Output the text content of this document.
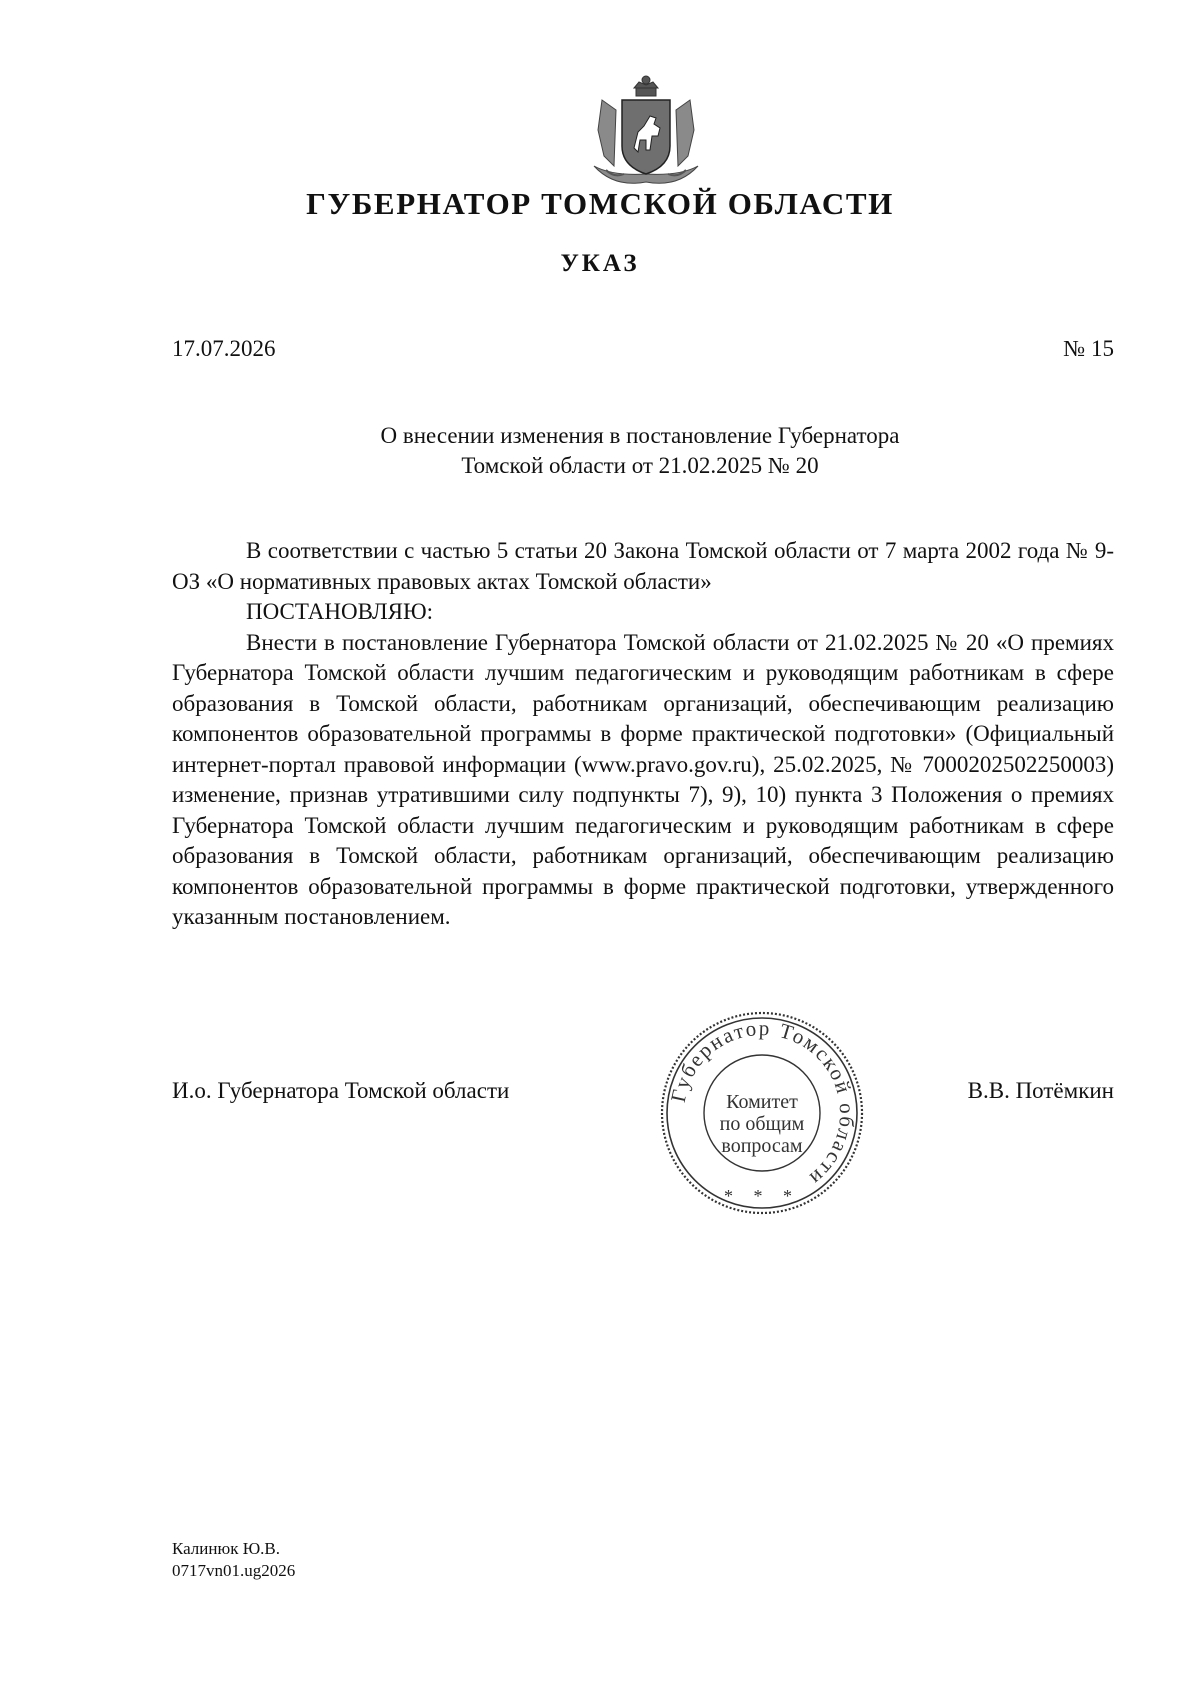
ГУБЕРНАТОР ТОМСКОЙ ОБЛАСТИ
УКАЗ
17.07.2026	№ 15
О внесении изменения в постановление Губернатора
Томской области от 21.02.2025 № 20

В соответствии с частью 5 статьи 20 Закона Томской области от 7 марта 2002 года № 9-ОЗ «О нормативных правовых актах Томской области»

ПОСТАНОВЛЯЮ:

Внести в постановление Губернатора Томской области от 21.02.2025 № 20 «О премиях Губернатора Томской области лучшим педагогическим и руководящим работникам в сфере образования в Томской области, работникам организаций, обеспечивающим реализацию компонентов образовательной программы в форме практической подготовки» (Официальный интернет-портал правовой информации (www.pravo.gov.ru), 25.02.2025, № 7000202502250003) изменение, признав утратившими силу подпункты 7), 9), 10) пункта 3 Положения о премиях Губернатора Томской области лучшим педагогическим и руководящим работникам в сфере образования в Томской области, работникам организаций, обеспечивающим реализацию компонентов образовательной программы в форме практической подготовки, утвержденного указанным постановлением.

И.о. Губернатора Томской области	Губернатор Томской области
Комитет
по общим
вопросам
* * *
В.В. Потёмкин
Калинюк Ю.В.
0717vn01.ug2026
